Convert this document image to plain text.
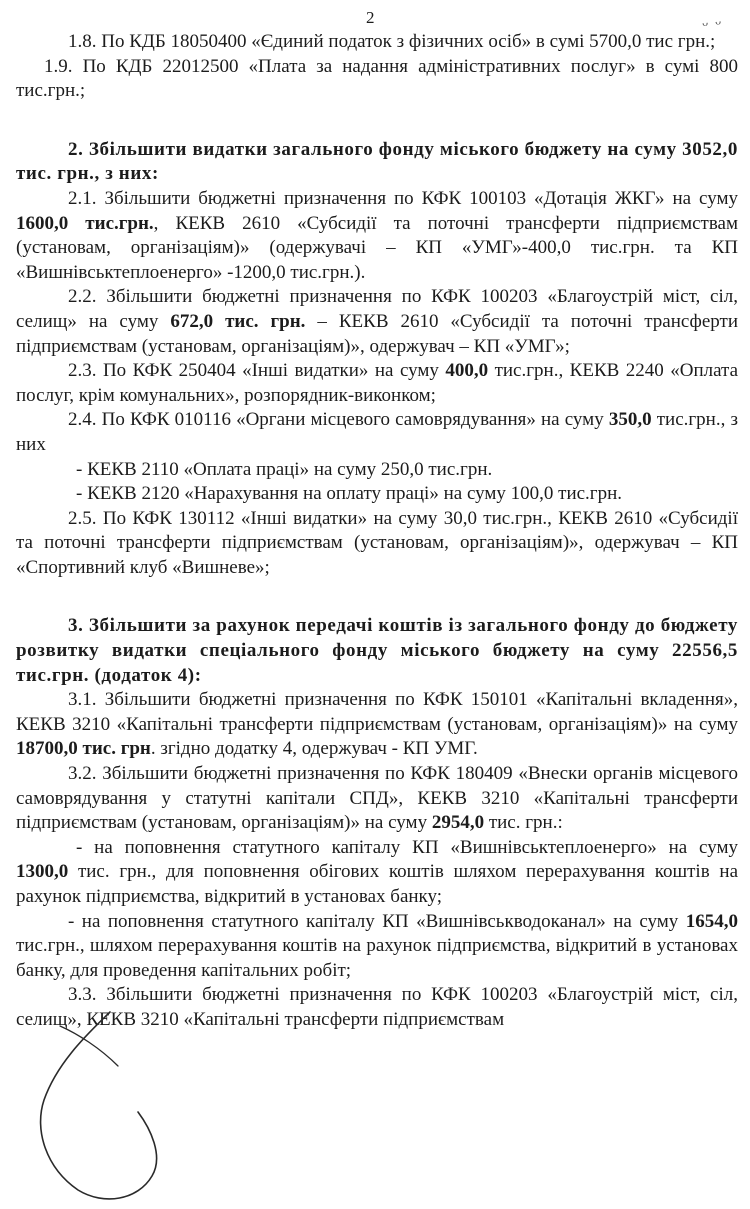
2	ᴗ ᴗ

1.8. По КДБ 18050400 «Єдиний податок з фізичних осіб» в сумі 5700,0 тис грн.;

1.9. По КДБ 22012500 «Плата за надання адміністративних послуг» в сумі 800 тис.грн.;

2. Збільшити видатки загального фонду міського бюджету на суму 3052,0 тис. грн., з них:

2.1. Збільшити бюджетні призначення по КФК 100103 «Дотація ЖКГ» на суму 1600,0 тис.грн., КЕКВ 2610 «Субсидії та поточні трансферти підприємствам (установам, організаціям)» (одержувачі – КП «УМГ»-400,0 тис.грн. та КП «Вишнівськтеплоенерго» -1200,0 тис.грн.).

2.2. Збільшити бюджетні призначення по КФК 100203 «Благоустрій міст, сіл, селищ» на суму 672,0 тис. грн. – КЕКВ 2610 «Субсидії та поточні трансферти підприємствам (установам, організаціям)», одержувач – КП «УМГ»;

2.3. По КФК 250404 «Інші видатки» на суму 400,0 тис.грн., КЕКВ 2240 «Оплата послуг, крім комунальних», розпорядник-виконком;

2.4. По КФК 010116 «Органи місцевого самоврядування» на суму 350,0 тис.грн., з них

- КЕКВ 2110 «Оплата праці» на суму 250,0 тис.грн.

- КЕКВ 2120 «Нарахування на оплату праці» на суму 100,0 тис.грн.

2.5. По КФК 130112 «Інші видатки» на суму 30,0 тис.грн., КЕКВ 2610 «Субсидії та поточні трансферти підприємствам (установам, організаціям)», одержувач – КП «Спортивний клуб «Вишневе»;

3. Збільшити за рахунок передачі коштів із загального фонду до бюджету розвитку видатки спеціального фонду міського бюджету на суму 22556,5 тис.грн. (додаток 4):

3.1. Збільшити бюджетні призначення по КФК 150101 «Капітальні вкладення», КЕКВ 3210 «Капітальні трансферти підприємствам (установам, організаціям)» на суму 18700,0 тис. грн. згідно додатку 4, одержувач - КП УМГ.

3.2. Збільшити бюджетні призначення по КФК 180409 «Внески органів місцевого самоврядування у статутні капітали СПД», КЕКВ 3210 «Капітальні трансферти підприємствам (установам, організаціям)» на суму 2954,0 тис. грн.:

- на поповнення статутного капіталу КП «Вишнівськтеплоенерго» на суму 1300,0 тис. грн., для поповнення обігових коштів шляхом перерахування коштів на рахунок підприємства, відкритий в установах банку;

- на поповнення статутного капіталу КП «Вишнівськводоканал» на суму 1654,0 тис.грн., шляхом перерахування коштів на рахунок підприємства, відкритий в установах банку, для проведення капітальних робіт;

3.3. Збільшити бюджетні призначення по КФК 100203 «Благоустрій міст, сіл, селищ», КЕКВ 3210 «Капітальні трансферти підприємствам
